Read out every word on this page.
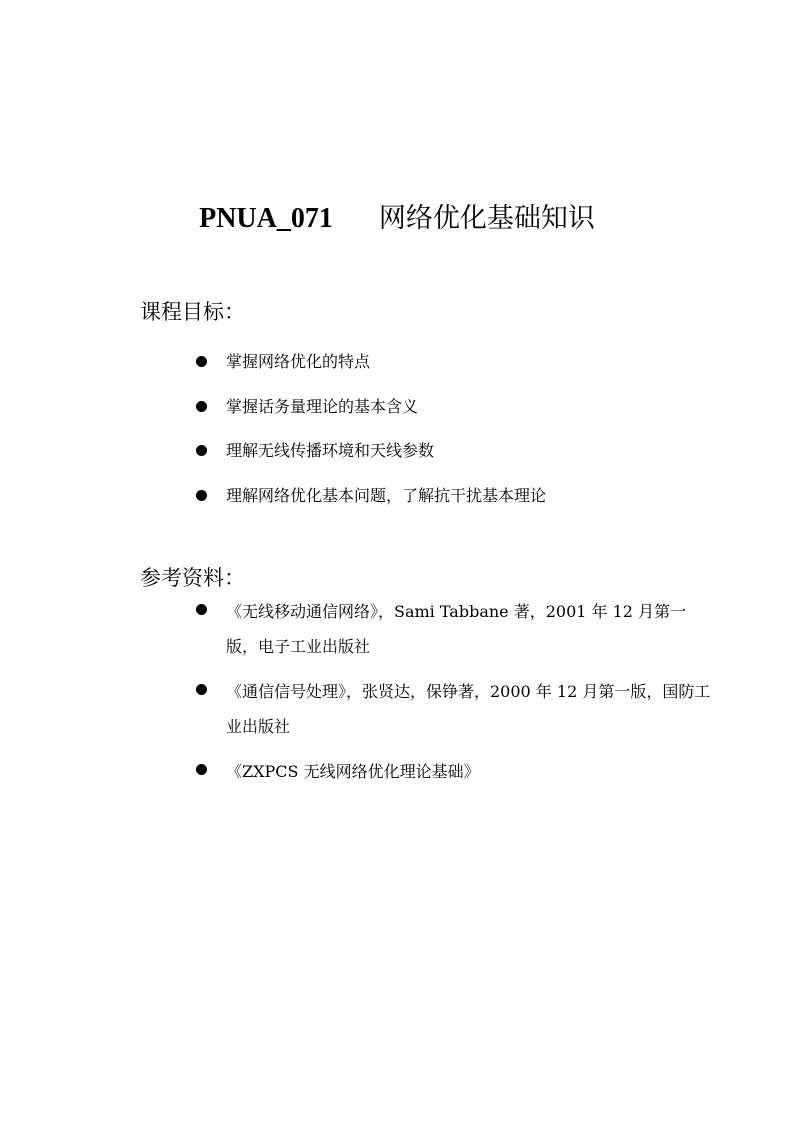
PNUA_071 网络优化基础知识
课程目标：
掌握网络优化的特点
掌握话务量理论的基本含义
理解无线传播环境和天线参数
理解网络优化基本问题，了解抗干扰基本理论
参考资料：
《无线移动通信网络》，Sami Tabbane 著，2001 年 12 月第一版，电子工业出版社
《通信信号处理》，张贤达，保铮著，2000 年 12 月第一版，国防工业出版社
《ZXPCS 无线网络优化理论基础》
